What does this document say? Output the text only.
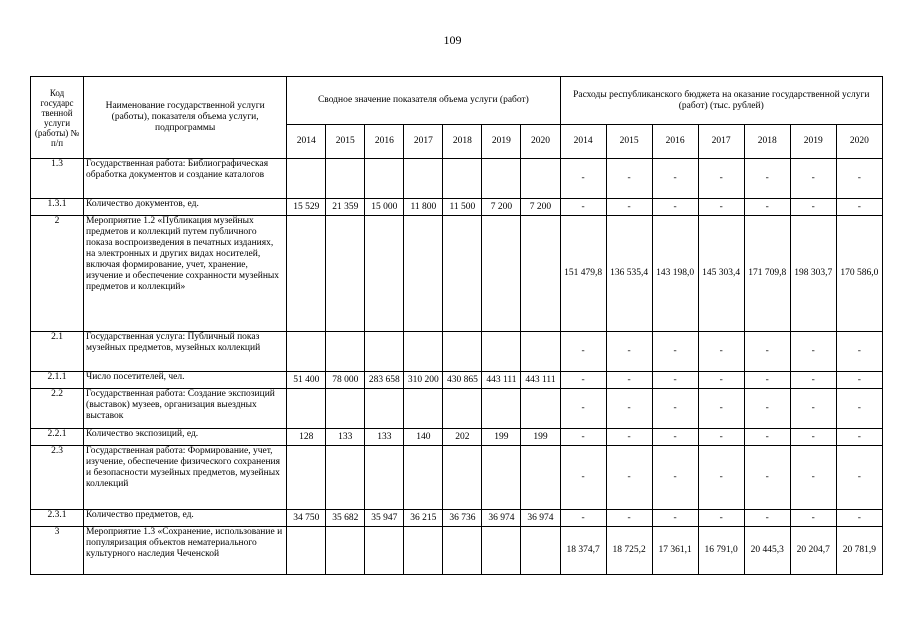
109
Код государс твенной услуги (работы) № п/п	Наименование государственной услуги (работы), показателя объема услуги, подпрограммы	Сводное значение показателя объема услуги (работ)							Расходы республиканского бюджета на оказание государственной услуги (работ) (тыс. рублей)						
		2014	2015	2016	2017	2018	2019	2020	2014	2015	2016	2017	2018	2019	2020
1.3	Государственная работа: Библиографическая обработка документов и создание каталогов								-	-	-	-	-	-	-
1.3.1	Количество документов, ед.	15 529	21 359	15 000	11 800	11 500	7 200	7 200	-	-	-	-	-	-	-
2	Мероприятие 1.2 «Публикация музейных предметов и коллекций путем публичного показа воспроизведения в печатных изданиях, на электронных и других видах носителей, включая формирование, учет, хранение, изучение и обеспечение сохранности музейных предметов и коллекций»								151 479,8	136 535,4	143 198,0	145 303,4	171 709,8	198 303,7	170 586,0
2.1	Государственная услуга: Публичный показ музейных предметов, музейных коллекций								-	-	-	-	-	-	-
2.1.1	Число посетителей, чел.	51 400	78 000	283 658	310 200	430 865	443 111	443 111	-	-	-	-	-	-	-
2.2	Государственная работа: Создание экспозиций (выставок) музеев, организация выездных выставок								-	-	-	-	-	-	-
2.2.1	Количество экспозиций, ед.	128	133	133	140	202	199	199	-	-	-	-	-	-	-
2.3	Государственная работа: Формирование, учет, изучение, обеспечение физического сохранения и безопасности музейных предметов, музейных коллекций								-	-	-	-	-	-	-
2.3.1	Количество предметов, ед.	34 750	35 682	35 947	36 215	36 736	36 974	36 974	-	-	-	-	-	-	-
3	Мероприятие 1.3 «Сохранение, использование и популяризация объектов нематериального культурного наследия Чеченской								18 374,7	18 725,2	17 361,1	16 791,0	20 445,3	20 204,7	20 781,9
